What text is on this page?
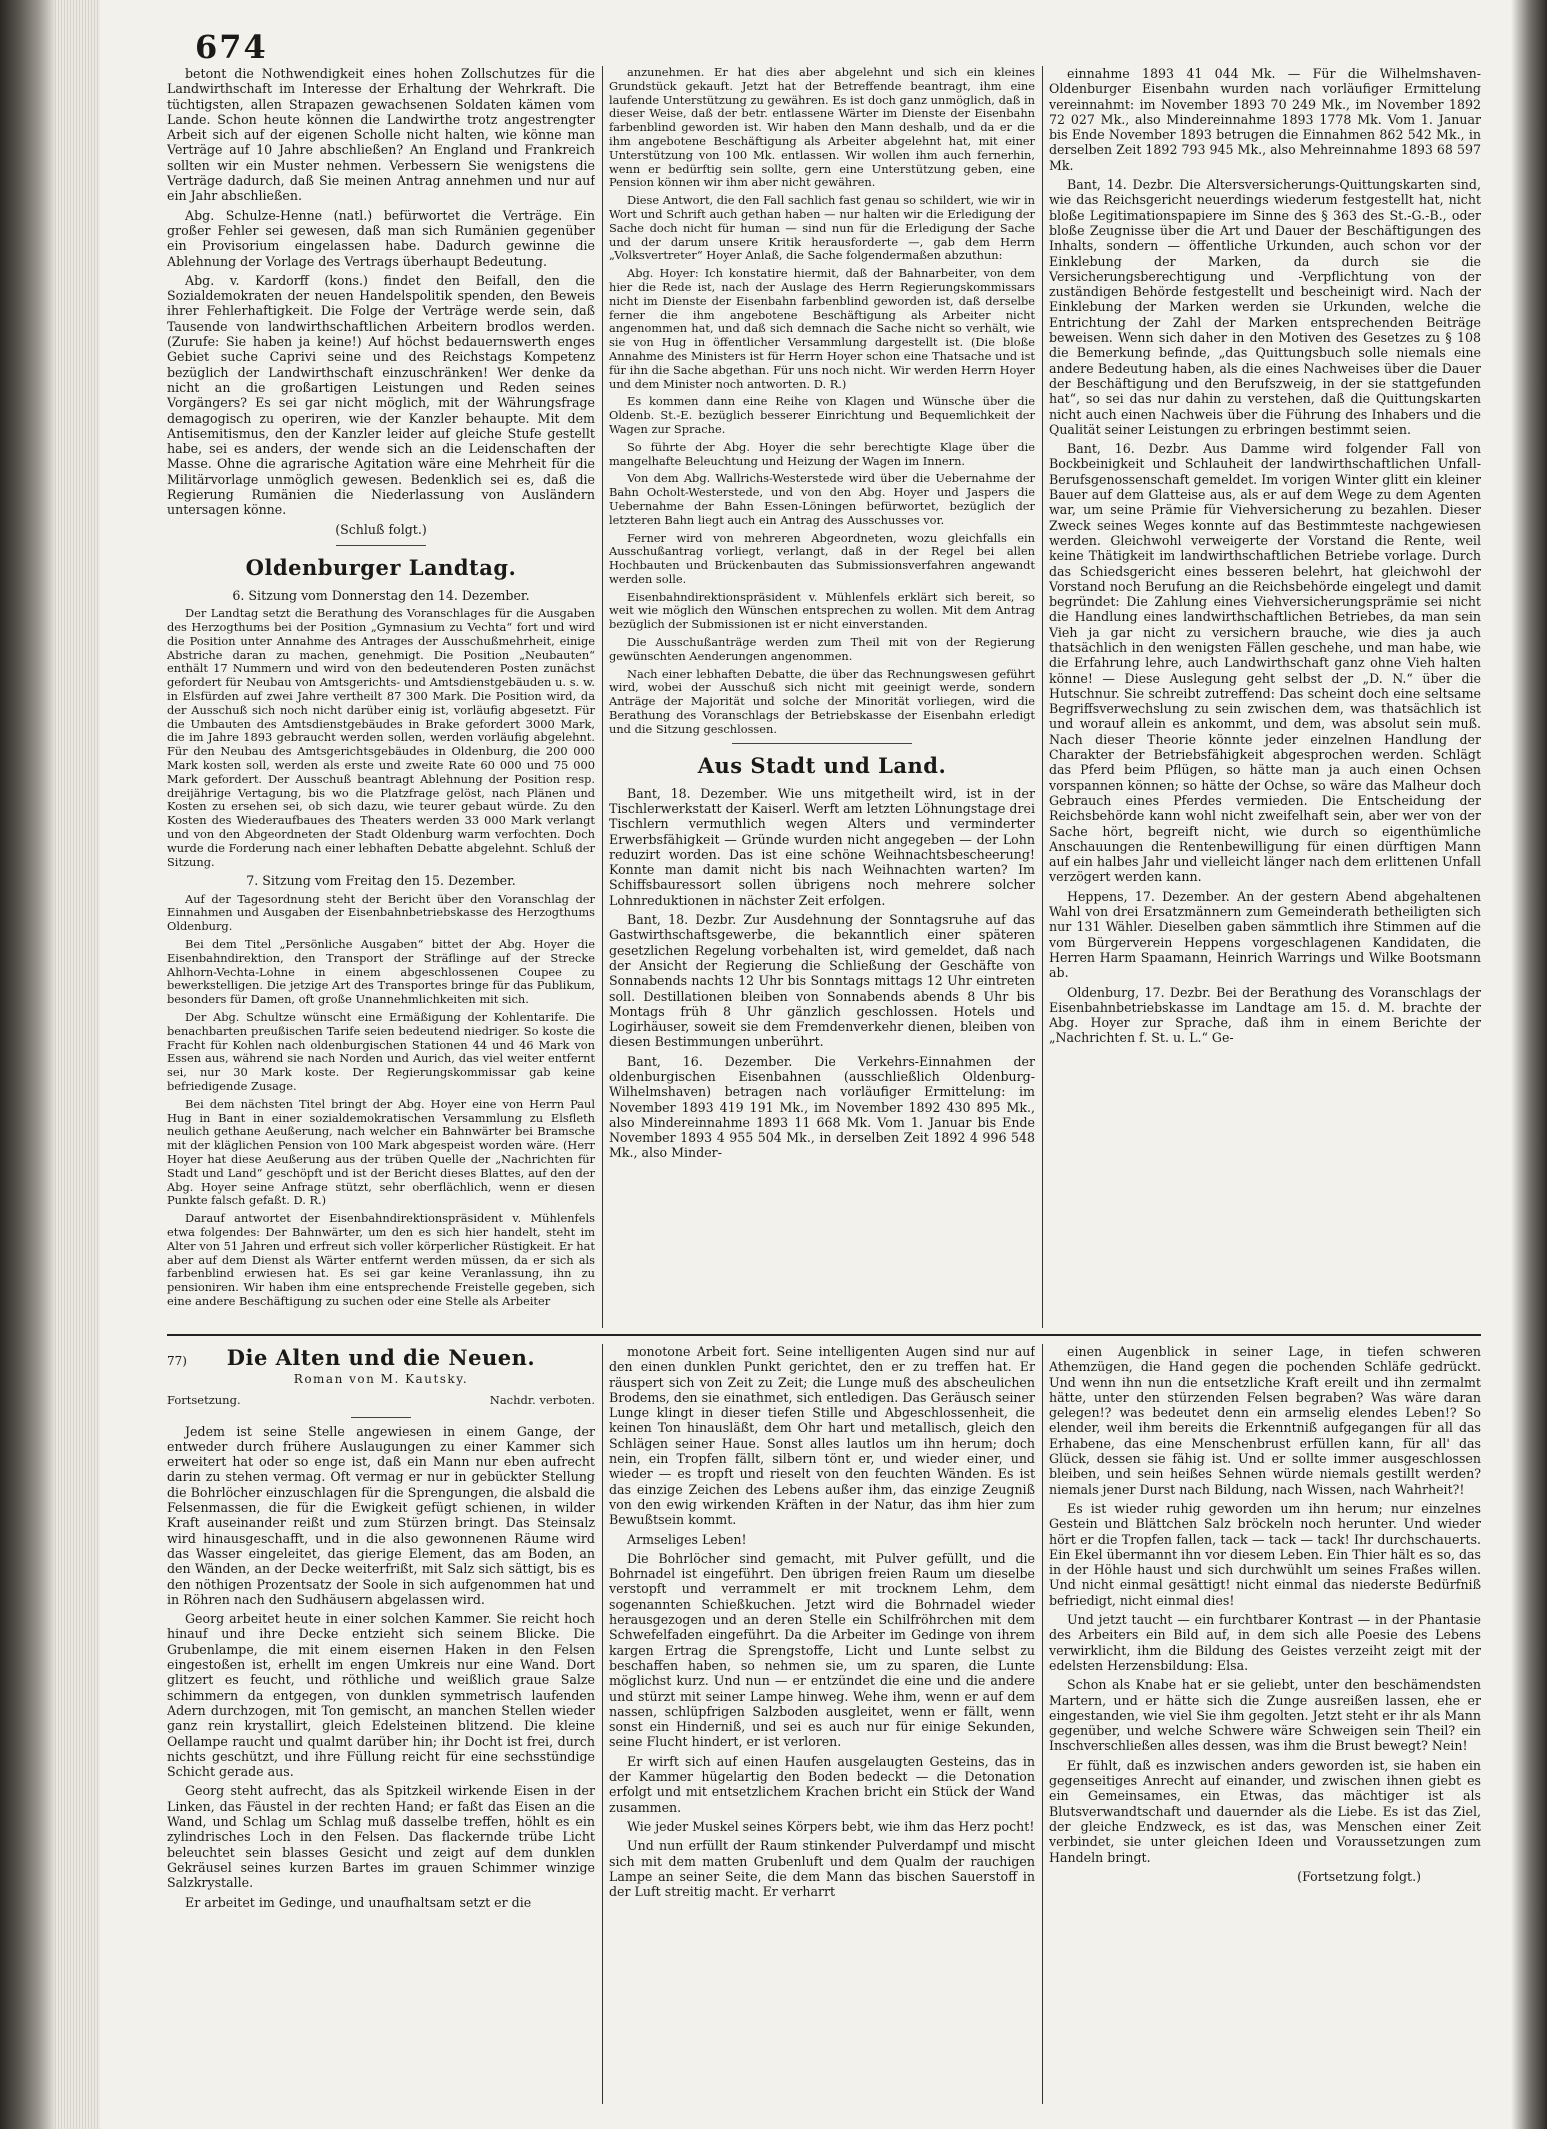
674

betont die Nothwendigkeit eines hohen Zollschutzes für die Landwirthschaft im Interesse der Erhaltung der Wehrkraft. Die tüchtigsten, allen Strapazen gewachsenen Soldaten kämen vom Lande. Schon heute können die Landwirthe trotz angestrengter Arbeit sich auf der eigenen Scholle nicht halten, wie könne man Verträge auf 10 Jahre abschließen? An England und Frankreich sollten wir ein Muster nehmen. Verbessern Sie wenigstens die Verträge dadurch, daß Sie meinen Antrag annehmen und nur auf ein Jahr abschließen.

Abg. Schulze-Henne (natl.) befürwortet die Verträge. Ein großer Fehler sei gewesen, daß man sich Rumänien gegenüber ein Provisorium eingelassen habe. Dadurch gewinne die Ablehnung der Vorlage des Vertrags überhaupt Bedeutung.

Abg. v. Kardorff (kons.) findet den Beifall, den die Sozialdemokraten der neuen Handelspolitik spenden, den Beweis ihrer Fehlerhaftigkeit. Die Folge der Verträge werde sein, daß Tausende von landwirthschaftlichen Arbeitern brodlos werden. (Zurufe: Sie haben ja keine!) Auf höchst bedauernswerth enges Gebiet suche Caprivi seine und des Reichstags Kompetenz bezüglich der Landwirthschaft einzuschränken! Wer denke da nicht an die großartigen Leistungen und Reden seines Vorgängers? Es sei gar nicht möglich, mit der Währungsfrage demagogisch zu operiren, wie der Kanzler behaupte. Mit dem Antisemitismus, den der Kanzler leider auf gleiche Stufe gestellt habe, sei es anders, der wende sich an die Leidenschaften der Masse. Ohne die agrarische Agitation wäre eine Mehrheit für die Militärvorlage unmöglich gewesen. Bedenklich sei es, daß die Regierung Rumänien die Niederlassung von Ausländern untersagen könne.

(Schluß folgt.)
Oldenburger Landtag.

6. Sitzung vom Donnerstag den 14. Dezember.

Der Landtag setzt die Berathung des Voranschlages für die Ausgaben des Herzogthums bei der Position „Gymnasium zu Vechta“ fort und wird die Position unter Annahme des Antrages der Ausschußmehrheit, einige Abstriche daran zu machen, genehmigt. Die Position „Neubauten“ enthält 17 Nummern und wird von den bedeutenderen Posten zunächst gefordert für Neubau von Amtsgerichts- und Amtsdienstgebäuden u. s. w. in Elsfürden auf zwei Jahre vertheilt 87 300 Mark. Die Position wird, da der Ausschuß sich noch nicht darüber einig ist, vorläufig abgesetzt. Für die Umbauten des Amtsdienstgebäudes in Brake gefordert 3000 Mark, die im Jahre 1893 gebraucht werden sollen, werden vorläufig abgelehnt. Für den Neubau des Amtsgerichtsgebäudes in Oldenburg, die 200 000 Mark kosten soll, werden als erste und zweite Rate 60 000 und 75 000 Mark gefordert. Der Ausschuß beantragt Ablehnung der Position resp. dreijährige Vertagung, bis wo die Platzfrage gelöst, nach Plänen und Kosten zu ersehen sei, ob sich dazu, wie teurer gebaut würde. Zu den Kosten des Wiederaufbaues des Theaters werden 33 000 Mark verlangt und von den Abgeordneten der Stadt Oldenburg warm verfochten. Doch wurde die Forderung nach einer lebhaften Debatte abgelehnt. Schluß der Sitzung.

7. Sitzung vom Freitag den 15. Dezember.

Auf der Tagesordnung steht der Bericht über den Voranschlag der Einnahmen und Ausgaben der Eisenbahnbetriebskasse des Herzogthums Oldenburg.

Bei dem Titel „Persönliche Ausgaben“ bittet der Abg. Hoyer die Eisenbahndirektion, den Transport der Sträflinge auf der Strecke Ahlhorn-Vechta-Lohne in einem abgeschlossenen Coupee zu bewerkstelligen. Die jetzige Art des Transportes bringe für das Publikum, besonders für Damen, oft große Unannehmlichkeiten mit sich.

Der Abg. Schultze wünscht eine Ermäßigung der Kohlentarife. Die benachbarten preußischen Tarife seien bedeutend niedriger. So koste die Fracht für Kohlen nach oldenburgischen Stationen 44 und 46 Mark von Essen aus, während sie nach Norden und Aurich, das viel weiter entfernt sei, nur 30 Mark koste. Der Regierungskommissar gab keine befriedigende Zusage.

Bei dem nächsten Titel bringt der Abg. Hoyer eine von Herrn Paul Hug in Bant in einer sozialdemokratischen Versammlung zu Elsfleth neulich gethane Aeußerung, nach welcher ein Bahnwärter bei Bramsche mit der kläglichen Pension von 100 Mark abgespeist worden wäre. (Herr Hoyer hat diese Aeußerung aus der trüben Quelle der „Nachrichten für Stadt und Land“ geschöpft und ist der Bericht dieses Blattes, auf den der Abg. Hoyer seine Anfrage stützt, sehr oberflächlich, wenn er diesen Punkte falsch gefaßt. D. R.)

Darauf antwortet der Eisenbahndirektionspräsident v. Mühlenfels etwa folgendes: Der Bahnwärter, um den es sich hier handelt, steht im Alter von 51 Jahren und erfreut sich voller körperlicher Rüstigkeit. Er hat aber auf dem Dienst als Wärter entfernt werden müssen, da er sich als farbenblind erwiesen hat. Es sei gar keine Veranlassung, ihn zu pensioniren. Wir haben ihm eine entsprechende Freistelle gegeben, sich eine andere Beschäftigung zu suchen oder eine Stelle als Arbeiter

anzunehmen. Er hat dies aber abgelehnt und sich ein kleines Grundstück gekauft. Jetzt hat der Betreffende beantragt, ihm eine laufende Unterstützung zu gewähren. Es ist doch ganz unmöglich, daß in dieser Weise, daß der betr. entlassene Wärter im Dienste der Eisenbahn farbenblind geworden ist. Wir haben den Mann deshalb, und da er die ihm angebotene Beschäftigung als Arbeiter abgelehnt hat, mit einer Unterstützung von 100 Mk. entlassen. Wir wollen ihm auch fernerhin, wenn er bedürftig sein sollte, gern eine Unterstützung geben, eine Pension können wir ihm aber nicht gewähren.

Diese Antwort, die den Fall sachlich fast genau so schildert, wie wir in Wort und Schrift auch gethan haben — nur halten wir die Erledigung der Sache doch nicht für human — sind nun für die Erledigung der Sache und der darum unsere Kritik herausforderte —, gab dem Herrn „Volksvertreter“ Hoyer Anlaß, die Sache folgendermaßen abzuthun:

Abg. Hoyer: Ich konstatire hiermit, daß der Bahnarbeiter, von dem hier die Rede ist, nach der Auslage des Herrn Regierungskommissars nicht im Dienste der Eisenbahn farbenblind geworden ist, daß derselbe ferner die ihm angebotene Beschäftigung als Arbeiter nicht angenommen hat, und daß sich demnach die Sache nicht so verhält, wie sie von Hug in öffentlicher Versammlung dargestellt ist. (Die bloße Annahme des Ministers ist für Herrn Hoyer schon eine Thatsache und ist für ihn die Sache abgethan. Für uns noch nicht. Wir werden Herrn Hoyer und dem Minister noch antworten. D. R.)

Es kommen dann eine Reihe von Klagen und Wünsche über die Oldenb. St.-E. bezüglich besserer Einrichtung und Bequemlichkeit der Wagen zur Sprache.

So führte der Abg. Hoyer die sehr berechtigte Klage über die mangelhafte Beleuchtung und Heizung der Wagen im Innern.

Von dem Abg. Wallrichs-Westerstede wird über die Uebernahme der Bahn Ocholt-Westerstede, und von den Abg. Hoyer und Jaspers die Uebernahme der Bahn Essen-Löningen befürwortet, bezüglich der letzteren Bahn liegt auch ein Antrag des Ausschusses vor.

Ferner wird von mehreren Abgeordneten, wozu gleichfalls ein Ausschußantrag vorliegt, verlangt, daß in der Regel bei allen Hochbauten und Brückenbauten das Submissionsverfahren angewandt werden solle.

Eisenbahndirektionspräsident v. Mühlenfels erklärt sich bereit, so weit wie möglich den Wünschen entsprechen zu wollen. Mit dem Antrag bezüglich der Submissionen ist er nicht einverstanden.

Die Ausschußanträge werden zum Theil mit von der Regierung gewünschten Aenderungen angenommen.

Nach einer lebhaften Debatte, die über das Rechnungswesen geführt wird, wobei der Ausschuß sich nicht mit geeinigt werde, sondern Anträge der Majorität und solche der Minorität vorliegen, wird die Berathung des Voranschlags der Betriebskasse der Eisenbahn erledigt und die Sitzung geschlossen.

Aus Stadt und Land.

Bant, 18. Dezember. Wie uns mitgetheilt wird, ist in der Tischlerwerkstatt der Kaiserl. Werft am letzten Löhnungstage drei Tischlern vermuthlich wegen Alters und verminderter Erwerbsfähigkeit — Gründe wurden nicht angegeben — der Lohn reduzirt worden. Das ist eine schöne Weihnachtsbescheerung! Konnte man damit nicht bis nach Weihnachten warten? Im Schiffsbauressort sollen übrigens noch mehrere solcher Lohnreduktionen in nächster Zeit erfolgen.

Bant, 18. Dezbr. Zur Ausdehnung der Sonntagsruhe auf das Gastwirthschaftsgewerbe, die bekanntlich einer späteren gesetzlichen Regelung vorbehalten ist, wird gemeldet, daß nach der Ansicht der Regierung die Schließung der Geschäfte von Sonnabends nachts 12 Uhr bis Sonntags mittags 12 Uhr eintreten soll. Destillationen bleiben von Sonnabends abends 8 Uhr bis Montags früh 8 Uhr gänzlich geschlossen. Hotels und Logirhäuser, soweit sie dem Fremdenverkehr dienen, bleiben von diesen Bestimmungen unberührt.

Bant, 16. Dezember. Die Verkehrs-Einnahmen der oldenburgischen Eisenbahnen (ausschließlich Oldenburg-Wilhelmshaven) betragen nach vorläufiger Ermittelung: im November 1893 419 191 Mk., im November 1892 430 895 Mk., also Mindereinnahme 1893 11 668 Mk. Vom 1. Januar bis Ende November 1893 4 955 504 Mk., in derselben Zeit 1892 4 996 548 Mk., also Minder-

einnahme 1893 41 044 Mk. — Für die Wilhelmshaven-Oldenburger Eisenbahn wurden nach vorläufiger Ermittelung vereinnahmt: im November 1893 70 249 Mk., im November 1892 72 027 Mk., also Mindereinnahme 1893 1778 Mk. Vom 1. Januar bis Ende November 1893 betrugen die Einnahmen 862 542 Mk., in derselben Zeit 1892 793 945 Mk., also Mehreinnahme 1893 68 597 Mk.

Bant, 14. Dezbr. Die Altersversicherungs-Quittungskarten sind, wie das Reichsgericht neuerdings wiederum festgestellt hat, nicht bloße Legitimationspapiere im Sinne des § 363 des St.-G.-B., oder bloße Zeugnisse über die Art und Dauer der Beschäftigungen des Inhalts, sondern — öffentliche Urkunden, auch schon vor der Einklebung der Marken, da durch sie die Versicherungsberechtigung und -Verpflichtung von der zuständigen Behörde festgestellt und bescheinigt wird. Nach der Einklebung der Marken werden sie Urkunden, welche die Entrichtung der Zahl der Marken entsprechenden Beiträge beweisen. Wenn sich daher in den Motiven des Gesetzes zu § 108 die Bemerkung befinde, „das Quittungsbuch solle niemals eine andere Bedeutung haben, als die eines Nachweises über die Dauer der Beschäftigung und den Berufszweig, in der sie stattgefunden hat“, so sei das nur dahin zu verstehen, daß die Quittungskarten nicht auch einen Nachweis über die Führung des Inhabers und die Qualität seiner Leistungen zu erbringen bestimmt seien.

Bant, 16. Dezbr. Aus Damme wird folgender Fall von Bockbeinigkeit und Schlauheit der landwirthschaftlichen Unfall-Berufsgenossenschaft gemeldet. Im vorigen Winter glitt ein kleiner Bauer auf dem Glatteise aus, als er auf dem Wege zu dem Agenten war, um seine Prämie für Viehversicherung zu bezahlen. Dieser Zweck seines Weges konnte auf das Bestimmteste nachgewiesen werden. Gleichwohl verweigerte der Vorstand die Rente, weil keine Thätigkeit im landwirthschaftlichen Betriebe vorlage. Durch das Schiedsgericht eines besseren belehrt, hat gleichwohl der Vorstand noch Berufung an die Reichsbehörde eingelegt und damit begründet: Die Zahlung eines Viehversicherungsprämie sei nicht die Handlung eines landwirthschaftlichen Betriebes, da man sein Vieh ja gar nicht zu versichern brauche, wie dies ja auch thatsächlich in den wenigsten Fällen geschehe, und man habe, wie die Erfahrung lehre, auch Landwirthschaft ganz ohne Vieh halten könne! — Diese Auslegung geht selbst der „D. N.“ über die Hutschnur. Sie schreibt zutreffend: Das scheint doch eine seltsame Begriffsverwechslung zu sein zwischen dem, was thatsächlich ist und worauf allein es ankommt, und dem, was absolut sein muß. Nach dieser Theorie könnte jeder einzelnen Handlung der Charakter der Betriebsfähigkeit abgesprochen werden. Schlägt das Pferd beim Pflügen, so hätte man ja auch einen Ochsen vorspannen können; so hätte der Ochse, so wäre das Malheur doch Gebrauch eines Pferdes vermieden. Die Entscheidung der Reichsbehörde kann wohl nicht zweifelhaft sein, aber wer von der Sache hört, begreift nicht, wie durch so eigenthümliche Anschauungen die Rentenbewilligung für einen dürftigen Mann auf ein halbes Jahr und vielleicht länger nach dem erlittenen Unfall verzögert werden kann.

Heppens, 17. Dezember. An der gestern Abend abgehaltenen Wahl von drei Ersatzmännern zum Gemeinderath betheiligten sich nur 131 Wähler. Dieselben gaben sämmtlich ihre Stimmen auf die vom Bürgerverein Heppens vorgeschlagenen Kandidaten, die Herren Harm Spaamann, Heinrich Warrings und Wilke Bootsmann ab.

Oldenburg, 17. Dezbr. Bei der Berathung des Voranschlags der Eisenbahnbetriebskasse im Landtage am 15. d. M. brachte der Abg. Hoyer zur Sprache, daß ihm in einem Berichte der „Nachrichten f. St. u. L.“ Ge-

77)	Die Alten und die Neuen.
Roman von M. Kautsky.
Fortsetzung.	Nachdr. verboten.

Jedem ist seine Stelle angewiesen in einem Gange, der entweder durch frühere Auslaugungen zu einer Kammer sich erweitert hat oder so enge ist, daß ein Mann nur eben aufrecht darin zu stehen vermag. Oft vermag er nur in gebückter Stellung die Bohrlöcher einzuschlagen für die Sprengungen, die alsbald die Felsenmassen, die für die Ewigkeit gefügt schienen, in wilder Kraft auseinander reißt und zum Stürzen bringt. Das Steinsalz wird hinausgeschafft, und in die also gewonnenen Räume wird das Wasser eingeleitet, das gierige Element, das am Boden, an den Wänden, an der Decke weiterfrißt, mit Salz sich sättigt, bis es den nöthigen Prozentsatz der Soole in sich aufgenommen hat und in Röhren nach den Sudhäusern abgelassen wird.

Georg arbeitet heute in einer solchen Kammer. Sie reicht hoch hinauf und ihre Decke entzieht sich seinem Blicke. Die Grubenlampe, die mit einem eisernen Haken in den Felsen eingestoßen ist, erhellt im engen Umkreis nur eine Wand. Dort glitzert es feucht, und röthliche und weißlich graue Salze schimmern da entgegen, von dunklen symmetrisch laufenden Adern durchzogen, mit Ton gemischt, an manchen Stellen wieder ganz rein krystallirt, gleich Edelsteinen blitzend. Die kleine Oellampe raucht und qualmt darüber hin; ihr Docht ist frei, durch nichts geschützt, und ihre Füllung reicht für eine sechsstündige Schicht gerade aus.

Georg steht aufrecht, das als Spitzkeil wirkende Eisen in der Linken, das Fäustel in der rechten Hand; er faßt das Eisen an die Wand, und Schlag um Schlag muß dasselbe treffen, höhlt es ein zylindrisches Loch in den Felsen. Das flackernde trübe Licht beleuchtet sein blasses Gesicht und zeigt auf dem dunklen Gekräusel seines kurzen Bartes im grauen Schimmer winzige Salzkrystalle.

Er arbeitet im Gedinge, und unaufhaltsam setzt er die

monotone Arbeit fort. Seine intelligenten Augen sind nur auf den einen dunklen Punkt gerichtet, den er zu treffen hat. Er räuspert sich von Zeit zu Zeit; die Lunge muß des abscheulichen Brodems, den sie einathmet, sich entledigen. Das Geräusch seiner Lunge klingt in dieser tiefen Stille und Abgeschlossenheit, die keinen Ton hinausläßt, dem Ohr hart und metallisch, gleich den Schlägen seiner Haue. Sonst alles lautlos um ihn herum; doch nein, ein Tropfen fällt, silbern tönt er, und wieder einer, und wieder — es tropft und rieselt von den feuchten Wänden. Es ist das einzige Zeichen des Lebens außer ihm, das einzige Zeugniß von den ewig wirkenden Kräften in der Natur, das ihm hier zum Bewußtsein kommt.

Armseliges Leben!

Die Bohrlöcher sind gemacht, mit Pulver gefüllt, und die Bohrnadel ist eingeführt. Den übrigen freien Raum um dieselbe verstopft und verrammelt er mit trocknem Lehm, dem sogenannten Schießkuchen. Jetzt wird die Bohrnadel wieder herausgezogen und an deren Stelle ein Schilfröhrchen mit dem Schwefelfaden eingeführt. Da die Arbeiter im Gedinge von ihrem kargen Ertrag die Sprengstoffe, Licht und Lunte selbst zu beschaffen haben, so nehmen sie, um zu sparen, die Lunte möglichst kurz. Und nun — er entzündet die eine und die andere und stürzt mit seiner Lampe hinweg. Wehe ihm, wenn er auf dem nassen, schlüpfrigen Salzboden ausgleitet, wenn er fällt, wenn sonst ein Hinderniß, und sei es auch nur für einige Sekunden, seine Flucht hindert, er ist verloren.

Er wirft sich auf einen Haufen ausgelaugten Gesteins, das in der Kammer hügelartig den Boden bedeckt — die Detonation erfolgt und mit entsetzlichem Krachen bricht ein Stück der Wand zusammen.

Wie jeder Muskel seines Körpers bebt, wie ihm das Herz pocht!

Und nun erfüllt der Raum stinkender Pulverdampf und mischt sich mit dem matten Grubenluft und dem Qualm der rauchigen Lampe an seiner Seite, die dem Mann das bischen Sauerstoff in der Luft streitig macht. Er verharrt

einen Augenblick in seiner Lage, in tiefen schweren Athemzügen, die Hand gegen die pochenden Schläfe gedrückt. Und wenn ihn nun die entsetzliche Kraft ereilt und ihn zermalmt hätte, unter den stürzenden Felsen begraben? Was wäre daran gelegen!? was bedeutet denn ein armselig elendes Leben!? So elender, weil ihm bereits die Erkenntniß aufgegangen für all das Erhabene, das eine Menschenbrust erfüllen kann, für all' das Glück, dessen sie fähig ist. Und er sollte immer ausgeschlossen bleiben, und sein heißes Sehnen würde niemals gestillt werden? niemals jener Durst nach Bildung, nach Wissen, nach Wahrheit?!

Es ist wieder ruhig geworden um ihn herum; nur einzelnes Gestein und Blättchen Salz bröckeln noch herunter. Und wieder hört er die Tropfen fallen, tack — tack — tack! Ihr durchschauerts. Ein Ekel übermannt ihn vor diesem Leben. Ein Thier hält es so, das in der Höhle haust und sich durchwühlt um seines Fraßes willen. Und nicht einmal gesättigt! nicht einmal das niederste Bedürfniß befriedigt, nicht einmal dies!

Und jetzt taucht — ein furchtbarer Kontrast — in der Phantasie des Arbeiters ein Bild auf, in dem sich alle Poesie des Lebens verwirklicht, ihm die Bildung des Geistes verzeiht zeigt mit der edelsten Herzensbildung: Elsa.

Schon als Knabe hat er sie geliebt, unter den beschämendsten Martern, und er hätte sich die Zunge ausreißen lassen, ehe er eingestanden, wie viel Sie ihm gegolten. Jetzt steht er ihr als Mann gegenüber, und welche Schwere wäre Schweigen sein Theil? ein Inschverschließen alles dessen, was ihm die Brust bewegt? Nein!

Er fühlt, daß es inzwischen anders geworden ist, sie haben ein gegenseitiges Anrecht auf einander, und zwischen ihnen giebt es ein Gemeinsames, ein Etwas, das mächtiger ist als Blutsverwandtschaft und dauernder als die Liebe. Es ist das Ziel, der gleiche Endzweck, es ist das, was Menschen einer Zeit verbindet, sie unter gleichen Ideen und Voraussetzungen zum Handeln bringt.

(Fortsetzung folgt.)
